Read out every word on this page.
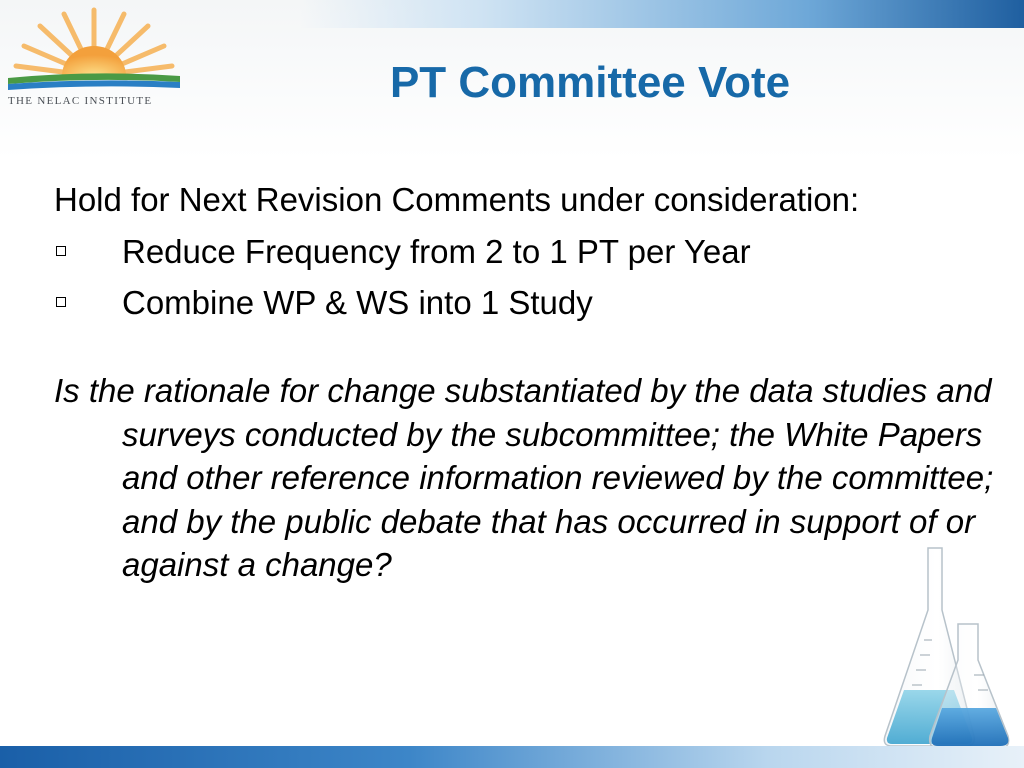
THE NELAC INSTITUTE	PT Committee Vote

Hold for Next Revision Comments under consideration:

Reduce Frequency from 2 to 1 PT per Year
Combine WP & WS into 1 Study

Is the rationale for change substantiated by the data studies and surveys conducted by the subcommittee; the White Papers and other reference information reviewed by the committee; and by the public debate that has occurred in support of or against a change?
